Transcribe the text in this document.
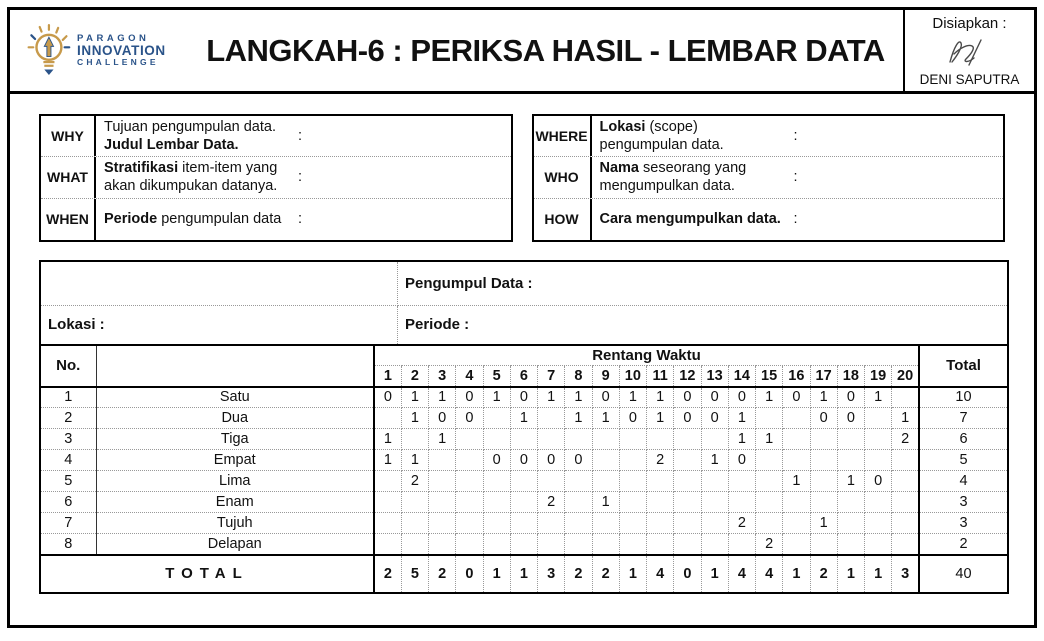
PARAGON
INNOVATION
CHALLENGE	LANGKAH-6 : PERIKSA HASIL - LEMBAR DATA
Disiapkan :
DENI SAPUTRA
WHY
Tujuan pengumpulan data.
Judul Lembar Data.
:
WHAT
Stratifikasi item-item yang akan dikumpukan datanya.
:
WHEN	Periode pengumpulan data	:
WHERE
Lokasi (scope) pengumpulan data.
:
WHO
Nama seseorang yang mengumpulkan data.
:
HOW	Cara mengumpulkan data. :
Pengumpul Data :
Lokasi :	Periode :
No.		Rentang Waktu																				Total
		1	2	3	4	5	6	7	8	9	10	11	12	13	14	15	16	17	18	19	20	
1	Satu	0	1	1	0	1	0	1	1	0	1	1	0	0	0	1	0	1	0	1		10
2	Dua		1	0	0		1		1	1	0	1	0	0	1			0	0		1	7
3	Tiga	1		1											1	1					2	6
4	Empat	1	1			0	0	0	0			2		1	0							5
5	Lima		2														1		1	0		4
6	Enam							2		1												3
7	Tujuh														2			1				3
8	Delapan															2						2
TOTAL		2	5	2	0	1	1	3	2	2	1	4	0	1	4	4	1	2	1	1	3	40
